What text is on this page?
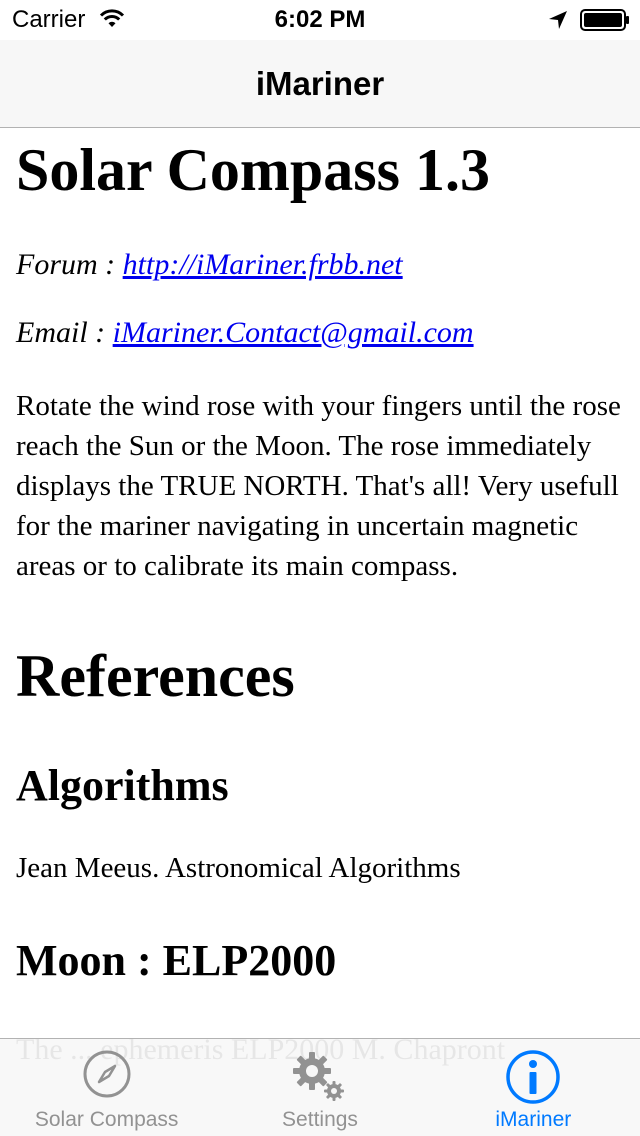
Carrier	6:02 PM
iMariner
Solar Compass 1.3
Forum : http://iMariner.frbb.net
Email : iMariner.Contact@gmail.com

Rotate the wind rose with your fingers until the rose reach the Sun or the Moon. The rose immediately displays the TRUE NORTH. That's all! Very usefull for the mariner navigating in uncertain magnetic areas or to calibrate its main compass.

References
Algorithms
Jean Meeus. Astronomical Algorithms
Moon : ELP2000
Solar Compass	Settings	iMariner
